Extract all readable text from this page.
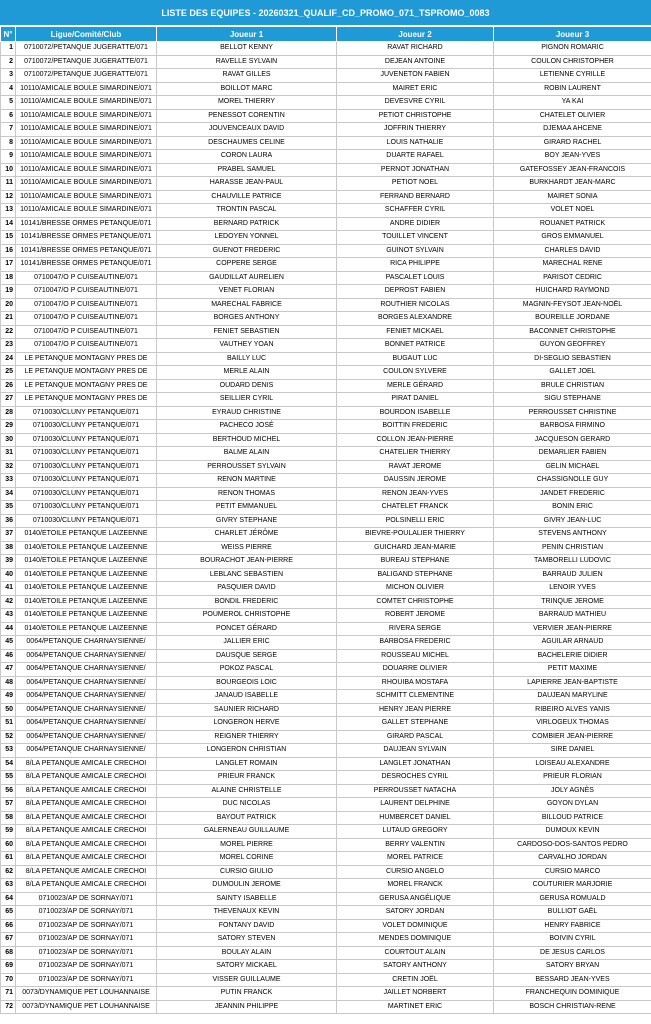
LISTE DES EQUIPES - 20260321_QUALIF_CD_PROMO_071_TSPROMO_0083
N°	Ligue/Comité/Club	Joueur 1	Joueur 2	Joueur 3
1	0710072/PETANQUE JUGERATTE/071	BELLOT KENNY	RAVAT RICHARD	PIGNON ROMARIC
2	0710072/PETANQUE JUGERATTE/071	RAVELLE SYLVAIN	DEJEAN ANTOINE	COULON CHRISTOPHER
3	0710072/PETANQUE JUGERATTE/071	RAVAT GILLES	JUVENETON FABIEN	LETIENNE CYRILLE
4	10110/AMICALE BOULE SIMARDINE/071	BOILLOT MARC	MAIRET ERIC	ROBIN LAURENT
5	10110/AMICALE BOULE SIMARDINE/071	MOREL THIERRY	DEVESVRE CYRIL	YA KAI
6	10110/AMICALE BOULE SIMARDINE/071	PENESSOT CORENTIN	PETIOT CHRISTOPHE	CHATELET OLIVIER
7	10110/AMICALE BOULE SIMARDINE/071	JOUVENCEAUX DAVID	JOFFRIN THIERRY	DJEMAA AHCENE
8	10110/AMICALE BOULE SIMARDINE/071	DESCHAUMES CELINE	LOUIS NATHALIE	GIRARD RACHEL
9	10110/AMICALE BOULE SIMARDINE/071	CORON LAURA	DUARTE RAFAEL	BOY JEAN-YVES
10	10110/AMICALE BOULE SIMARDINE/071	PRABEL SAMUEL	PERNOT JONATHAN	GATEFOSSEY JEAN-FRANCOIS
11	10110/AMICALE BOULE SIMARDINE/071	HARASSE JEAN-PAUL	PETIOT NOEL	BURKHARDT JEAN-MARC
12	10110/AMICALE BOULE SIMARDINE/071	CHAUVILLE PATRICE	FERRAND BERNARD	MAIRET SONIA
13	10110/AMICALE BOULE SIMARDINE/071	TRONTIN PASCAL	SCHAFFER CYRIL	VOLET NOEL
14	10141/BRESSE ORMES PETANQUE/071	BERNARD PATRICK	ANDRE DIDIER	ROUANET PATRICK
15	10141/BRESSE ORMES PETANQUE/071	LEDOYEN YONNEL	TOUILLET VINCENT	GROS EMMANUEL
16	10141/BRESSE ORMES PETANQUE/071	GUENOT FREDERIC	GUINOT SYLVAIN	CHARLES DAVID
17	10141/BRESSE ORMES PETANQUE/071	COPPERE SERGE	RICA PHILIPPE	MARECHAL RENE
18	0710047/O P CUISEAUTINE/071	GAUDILLAT AURELIEN	PASCALET LOUIS	PARISOT CEDRIC
19	0710047/O P CUISEAUTINE/071	VENET FLORIAN	DEPROST FABIEN	HUICHARD RAYMOND
20	0710047/O P CUISEAUTINE/071	MARECHAL FABRICE	ROUTHIER NICOLAS	MAGNIN-FEYSOT JEAN-NOËL
21	0710047/O P CUISEAUTINE/071	BORGES ANTHONY	BORGES ALEXANDRE	BOUREILLE JORDANE
22	0710047/O P CUISEAUTINE/071	FENIET SEBASTIEN	FENIET MICKAEL	BACONNET CHRISTOPHE
23	0710047/O P CUISEAUTINE/071	VAUTHEY YOAN	BONNET PATRICE	GUYON GEOFFREY
24	LE PETANQUE MONTAGNY PRES DE	BAILLY LUC	BUGAUT LUC	DI-SEGLIO SEBASTIEN
25	LE PETANQUE MONTAGNY PRES DE	MERLE ALAIN	COULON SYLVERE	GALLET JOEL
26	LE PETANQUE MONTAGNY PRES DE	OUDARD DENIS	MERLE GÉRARD	BRULE CHRISTIAN
27	LE PETANQUE MONTAGNY PRES DE	SEILLIER CYRIL	PIRAT DANIEL	SIGU STEPHANE
28	0710030/CLUNY PETANQUE/071	EYRAUD CHRISTINE	BOURDON ISABELLE	PERROUSSET CHRISTINE
29	0710030/CLUNY PETANQUE/071	PACHECO JOSÉ	BOITTIN FREDERIC	BARBOSA FIRMINO
30	0710030/CLUNY PETANQUE/071	BERTHOUD MICHEL	COLLON JEAN-PIERRE	JACQUESON GERARD
31	0710030/CLUNY PETANQUE/071	BALME ALAIN	CHATELIER THIERRY	DEMARLIER FABIEN
32	0710030/CLUNY PETANQUE/071	PERROUSSET SYLVAIN	RAVAT JEROME	GELIN MICHAEL
33	0710030/CLUNY PETANQUE/071	RENON MARTINE	DAUSSIN JEROME	CHASSIGNOLLE GUY
34	0710030/CLUNY PETANQUE/071	RENON THOMAS	RENON JEAN-YVES	JANDET FREDERIC
35	0710030/CLUNY PETANQUE/071	PETIT EMMANUEL	CHATELET FRANCK	BONIN ERIC
36	0710030/CLUNY PETANQUE/071	GIVRY STEPHANE	POLSINELLI ERIC	GIVRY JEAN-LUC
37	0140/ETOILE PETANQUE LAIZEENNE	CHARLET JÉRÔME	BIEVRE-POULALIER THIERRY	STEVENS ANTHONY
38	0140/ETOILE PETANQUE LAIZEENNE	WEISS PIERRE	GUICHARD JEAN-MARIE	PENIN CHRISTIAN
39	0140/ETOILE PETANQUE LAIZEENNE	BOURACHOT JEAN-PIERRE	BUREAU STEPHANE	TAMBORELLI LUDOVIC
40	0140/ETOILE PETANQUE LAIZEENNE	LEBLANC SEBASTIEN	BALIGAND STEPHANE	BARRAUD JULIEN
41	0140/ETOILE PETANQUE LAIZEENNE	PASQUIER DAVID	MICHON OLIVIER	LENOIR YVES
42	0140/ETOILE PETANQUE LAIZEENNE	BONDIL FREDERIC	COMTET CHRISTOPHE	TRINQUE JEROME
43	0140/ETOILE PETANQUE LAIZEENNE	POUMEROL CHRISTOPHE	ROBERT JEROME	BARRAUD MATHIEU
44	0140/ETOILE PETANQUE LAIZEENNE	PONCET GÉRARD	RIVERA SERGE	VERVIER JEAN-PIERRE
45	0064/PETANQUE CHARNAYSIENNE/	JALLIER ERIC	BARBOSA FREDERIC	AGUILAR ARNAUD
46	0064/PETANQUE CHARNAYSIENNE/	DAUSQUE SERGE	ROUSSEAU MICHEL	BACHELERIE DIDIER
47	0064/PETANQUE CHARNAYSIENNE/	POKOZ PASCAL	DOUARRE OLIVIER	PETIT MAXIME
48	0064/PETANQUE CHARNAYSIENNE/	BOURGEOIS LOIC	RHOUIBA MOSTAFA	LAPIERRE JEAN-BAPTISTE
49	0064/PETANQUE CHARNAYSIENNE/	JANAUD ISABELLE	SCHMITT CLEMENTINE	DAUJEAN MARYLINE
50	0064/PETANQUE CHARNAYSIENNE/	SAUNIER RICHARD	HENRY JEAN PIERRE	RIBEIRO ALVES YANIS
51	0064/PETANQUE CHARNAYSIENNE/	LONGERON HERVE	GALLET STEPHANE	VIRLOGEUX THOMAS
52	0064/PETANQUE CHARNAYSIENNE/	REIGNER THIERRY	GIRARD PASCAL	COMBIER JEAN-PIERRE
53	0064/PETANQUE CHARNAYSIENNE/	LONGERON CHRISTIAN	DAUJEAN SYLVAIN	SIRE DANIEL
54	8/LA PETANQUE AMICALE CRECHOI	LANGLET ROMAIN	LANGLET JONATHAN	LOISEAU ALEXANDRE
55	8/LA PETANQUE AMICALE CRECHOI	PRIEUR FRANCK	DESROCHES CYRIL	PRIEUR FLORIAN
56	8/LA PETANQUE AMICALE CRECHOI	ALAINE CHRISTELLE	PERROUSSET NATACHA	JOLY AGNÈS
57	8/LA PETANQUE AMICALE CRECHOI	DUC NICOLAS	LAURENT DELPHINE	GOYON DYLAN
58	8/LA PETANQUE AMICALE CRECHOI	BAYOUT PATRICK	HUMBERCET DANIEL	BILLOUD PATRICE
59	8/LA PETANQUE AMICALE CRECHOI	GALERNEAU GUILLAUME	LUTAUD GREGORY	DUMOUX KEVIN
60	8/LA PETANQUE AMICALE CRECHOI	MOREL PIERRE	BERRY VALENTIN	CARDOSO-DOS-SANTOS PEDRO
61	8/LA PETANQUE AMICALE CRECHOI	MOREL CORINE	MOREL PATRICE	CARVALHO JORDAN
62	8/LA PETANQUE AMICALE CRECHOI	CURSIO GIULIO	CURSIO ANGELO	CURSIO MARCO
63	8/LA PETANQUE AMICALE CRECHOI	DUMOULIN JEROME	MOREL FRANCK	COUTURIER MARJORIE
64	0710023/AP DE SORNAY/071	SAINTY ISABELLE	GERUSA ANGÉLIQUE	GERUSA ROMUALD
65	0710023/AP DE SORNAY/071	THEVENAUX KEVIN	SATORY JORDAN	BULLIOT GAËL
66	0710023/AP DE SORNAY/071	FONTANY DAVID	VOLET DOMINIQUE	HENRY FABRICE
67	0710023/AP DE SORNAY/071	SATORY STEVEN	MENDES DOMINIQUE	BOIVIN CYRIL
68	0710023/AP DE SORNAY/071	BOULAY ALAIN	COURTOUT ALAIN	DE JESUS CARLOS
69	0710023/AP DE SORNAY/071	SATORY MICKAEL	SATORY ANTHONY	SATORY BRYAN
70	0710023/AP DE SORNAY/071	VISSER GUILLAUME	CRETIN JOËL	BESSARD JEAN-YVES
71	0073/DYNAMIQUE PET LOUHANNAISE	PUTIN FRANCK	JAILLET NORBERT	FRANCHEQUIN DOMINIQUE
72	0073/DYNAMIQUE PET LOUHANNAISE	JEANNIN PHILIPPE	MARTINET ERIC	BOSCH CHRISTIAN-RENE
